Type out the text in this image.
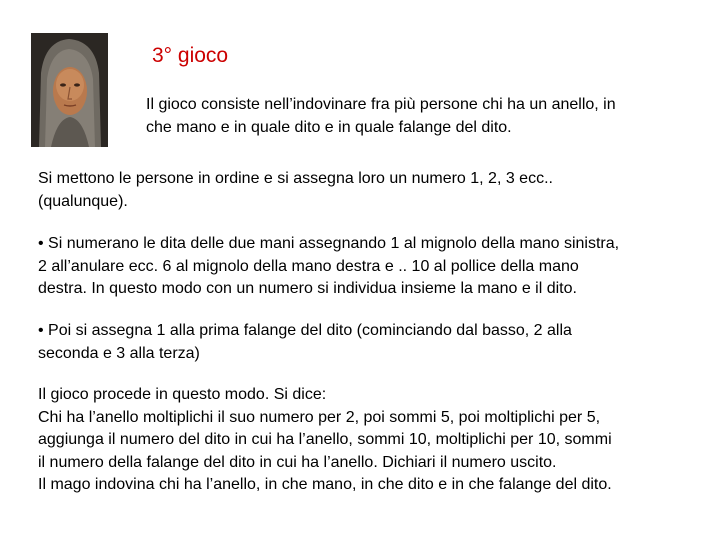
3° gioco
Il gioco consiste nell’indovinare fra più persone chi ha un anello, in
che mano e in quale dito e in quale falange del dito.
Si mettono le persone in ordine e si assegna loro un numero 1, 2, 3 ecc..
(qualunque).
• Si numerano le dita delle due mani assegnando 1 al mignolo della mano sinistra,
2 all’anulare ecc. 6 al mignolo della mano destra e .. 10 al pollice della mano
destra. In questo modo con un numero si individua insieme la mano e il dito.
• Poi si assegna 1 alla prima falange del dito (cominciando dal basso, 2 alla
seconda e 3 alla terza)
Il gioco procede in questo modo. Si dice:
Chi ha l’anello moltiplichi il suo numero per 2, poi sommi 5, poi moltiplichi per 5,
aggiunga il numero del dito in cui ha l’anello, sommi 10, moltiplichi per 10, sommi
il numero della falange del dito in cui ha l’anello. Dichiari il numero uscito.
Il mago indovina chi ha l’anello, in che mano, in che dito e in che falange del dito.
